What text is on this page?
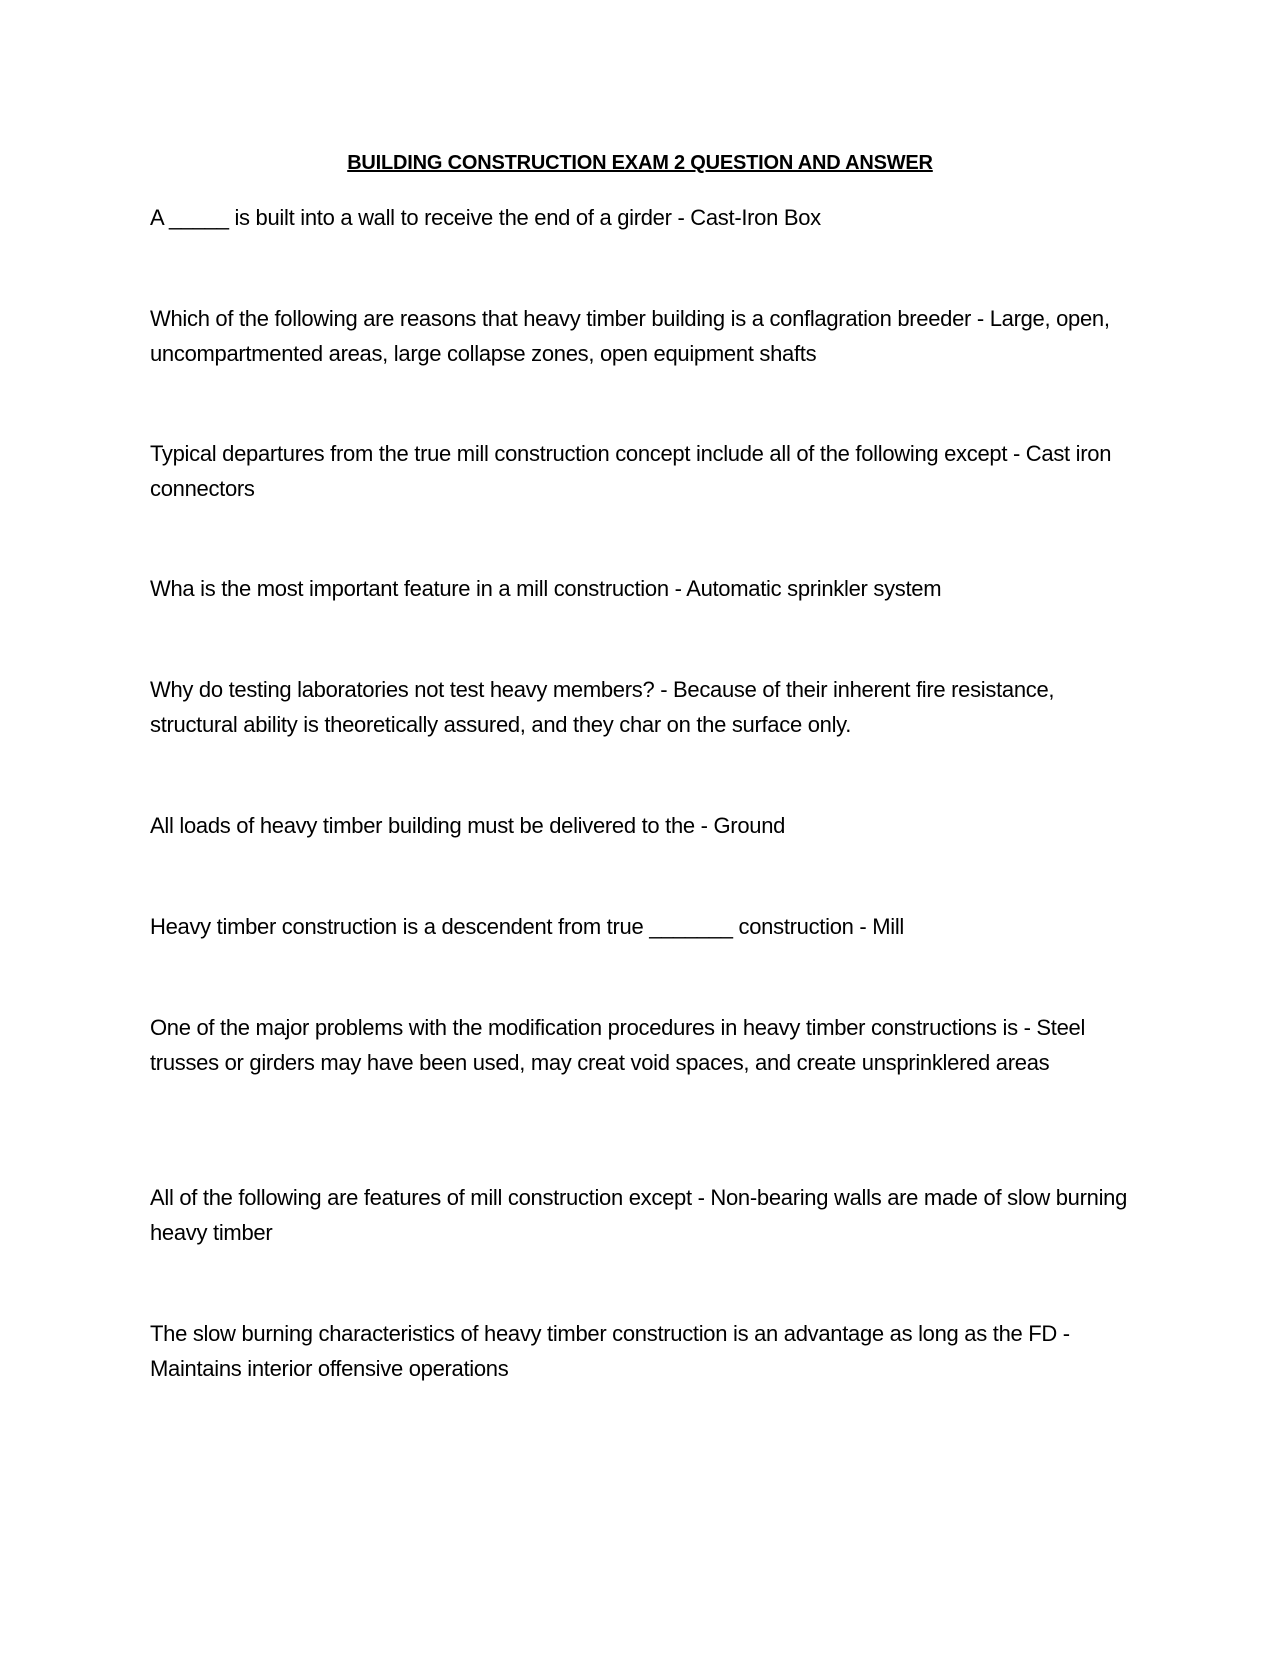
BUILDING CONSTRUCTION EXAM 2 QUESTION AND ANSWER

A _____ is built into a wall to receive the end of a girder - Cast-Iron Box

Which of the following are reasons that heavy timber building is a conflagration breeder - Large, open, uncompartmented areas, large collapse zones, open equipment shafts

Typical departures from the true mill construction concept include all of the following except - Cast iron connectors

Wha is the most important feature in a mill construction - Automatic sprinkler system

Why do testing laboratories not test heavy members? - Because of their inherent fire resistance, structural ability is theoretically assured, and they char on the surface only.

All loads of heavy timber building must be delivered to the - Ground

Heavy timber construction is a descendent from true _______ construction - Mill

One of the major problems with the modification procedures in heavy timber constructions is - Steel trusses or girders may have been used, may creat void spaces, and create unsprinklered areas

All of the following are features of mill construction except - Non-bearing walls are made of slow burning heavy timber

The slow burning characteristics of heavy timber construction is an advantage as long as the FD - Maintains interior offensive operations
